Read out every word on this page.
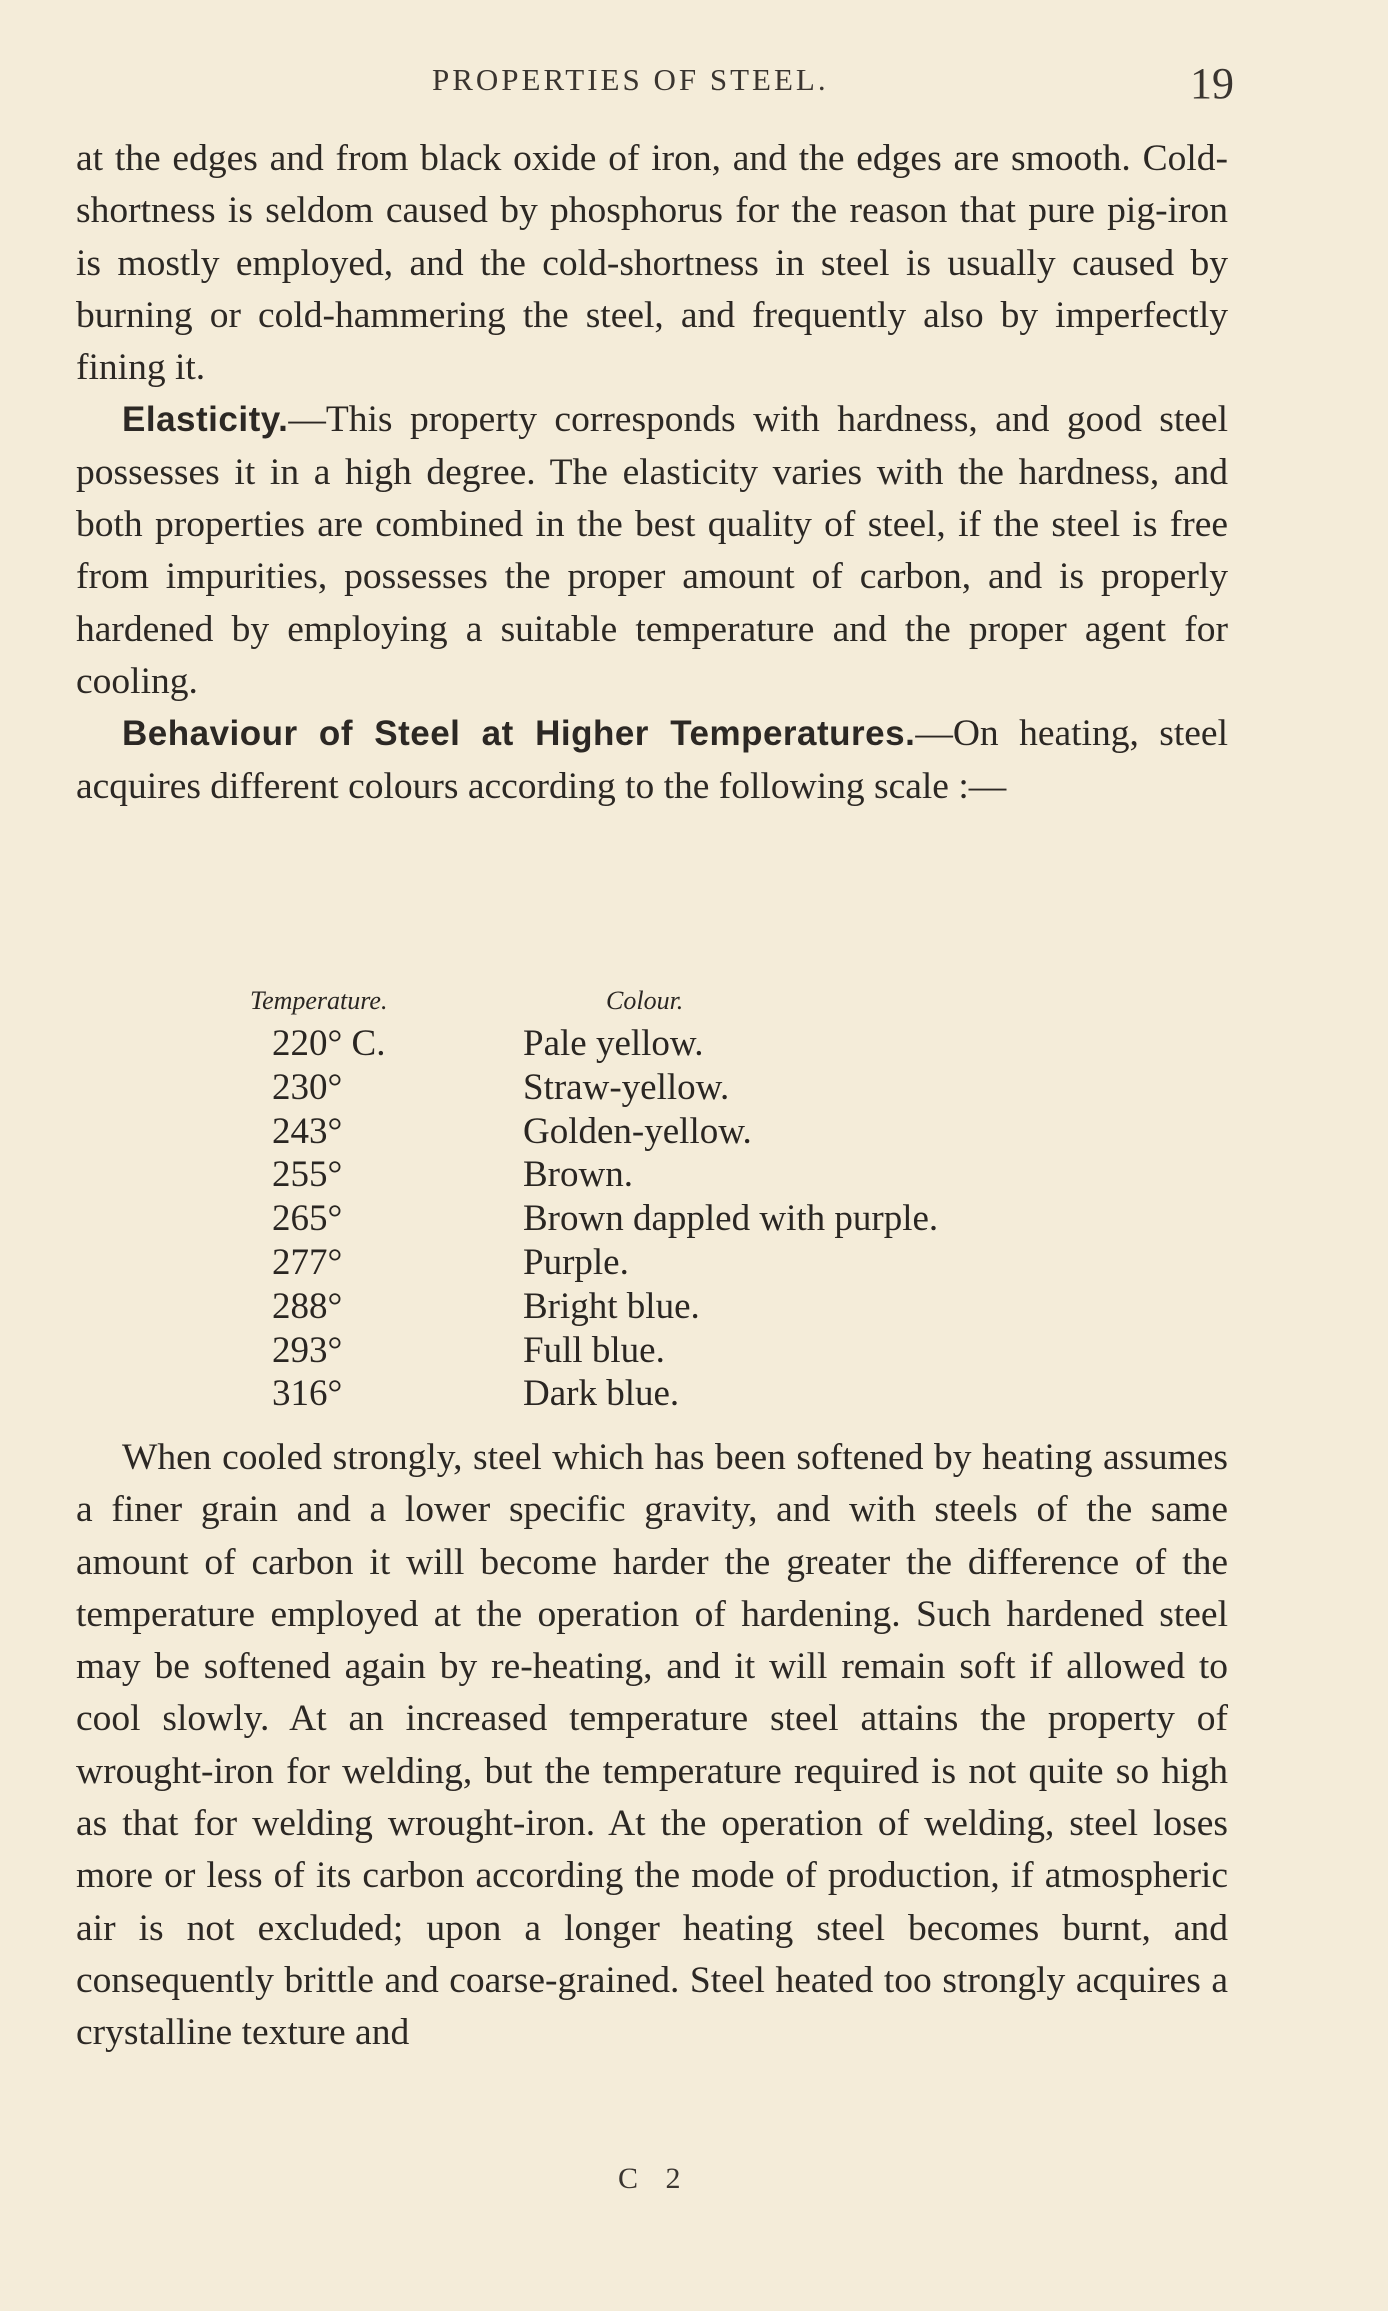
PROPERTIES OF STEEL.	19

at the edges and from black oxide of iron, and the edges are smooth. Cold-shortness is seldom caused by phosphorus for the reason that pure pig-iron is mostly employed, and the cold-shortness in steel is usually caused by burning or cold-hammering the steel, and frequently also by imperfectly fining it.

Elasticity.—This property corresponds with hardness, and good steel possesses it in a high degree. The elasticity varies with the hardness, and both properties are combined in the best quality of steel, if the steel is free from impurities, possesses the proper amount of carbon, and is properly hardened by employing a suitable temperature and the proper agent for cooling.

Behaviour of Steel at Higher Temperatures.—On heating, steel acquires different colours according to the following scale :—

Temperature.	Colour.
220° C.	Pale yellow.
230°	Straw-yellow.
243°	Golden-yellow.
255°	Brown.
265°	Brown dappled with purple.
277°	Purple.
288°	Bright blue.
293°	Full blue.
316°	Dark blue.

When cooled strongly, steel which has been softened by heating assumes a finer grain and a lower specific gravity, and with steels of the same amount of carbon it will become harder the greater the difference of the temperature employed at the operation of hardening. Such hardened steel may be softened again by re-heating, and it will remain soft if allowed to cool slowly. At an increased temperature steel attains the property of wrought-iron for welding, but the temperature required is not quite so high as that for welding wrought-iron. At the operation of welding, steel loses more or less of its carbon according the mode of production, if atmospheric air is not excluded; upon a longer heating steel becomes burnt, and consequently brittle and coarse-grained. Steel heated too strongly acquires a crystalline texture and

C 2
